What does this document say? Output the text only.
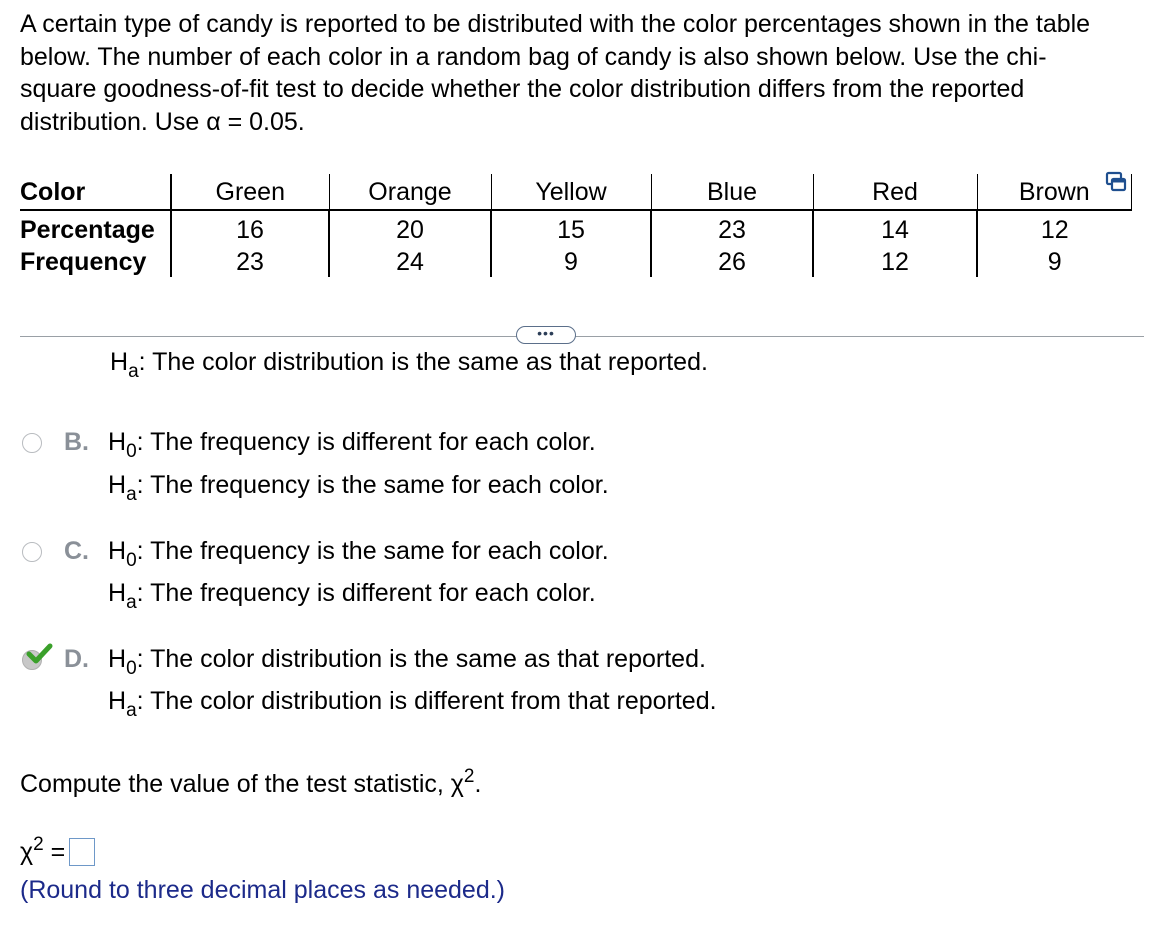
A certain type of candy is reported to be distributed with the color percentages shown in the table below. The number of each color in a random bag of candy is also shown below. Use the chi-square goodness-of-fit test to decide whether the color distribution differs from the reported distribution. Use α = 0.05.
Color	Green	Orange	Yellow	Blue	Red	Brown
Percentage	16	20	15	23	14	12
Frequency	23	24	9	26	12	9
•••
$H_a$: The color distribution is the same as that reported.
B. $H_0$: The frequency is different for each color.
$H_a$: The frequency is the same for each color.
C. $H_0$: The frequency is the same for each color.
$H_a$: The frequency is different for each color.
D. $H_0$: The color distribution is the same as that reported.
$H_a$: The color distribution is different from that reported.
Compute the value of the test statistic, $\chi^2$.
$\chi^2$ =
(Round to three decimal places as needed.)
